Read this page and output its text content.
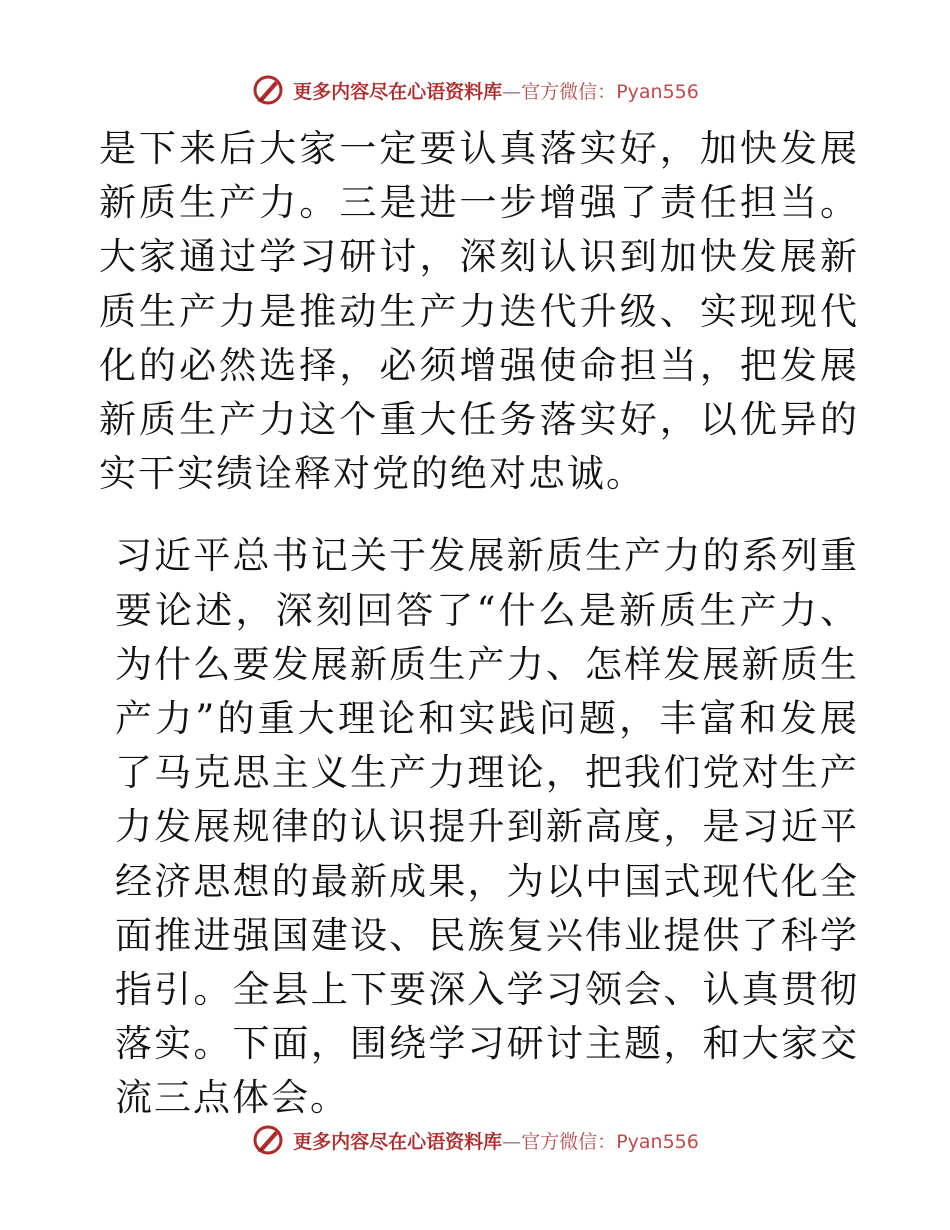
更多内容尽在心语资料库 — 官方微信： Pyan556

是下来后大家一定要认真落实好，加快发展新质生产力。三是进一步增强了责任担当。大家通过学习研讨，深刻认识到加快发展新质生产力是推动生产力迭代升级、实现现代化的必然选择，必须增强使命担当，把发展新质生产力这个重大任务落实好，以优异的实干实绩诠释对党的绝对忠诚。

习近平总书记关于发展新质生产力的系列重要论述，深刻回答了“什么是新质生产力、为什么要发展新质生产力、怎样发展新质生产力”的重大理论和实践问题，丰富和发展了马克思主义生产力理论，把我们党对生产力发展规律的认识提升到新高度，是习近平经济思想的最新成果，为以中国式现代化全面推进强国建设、民族复兴伟业提供了科学指引。全县上下要深入学习领会、认真贯彻落实。下面，围绕学习研讨主题，和大家交流三点体会。

更多内容尽在心语资料库 — 官方微信： Pyan556
